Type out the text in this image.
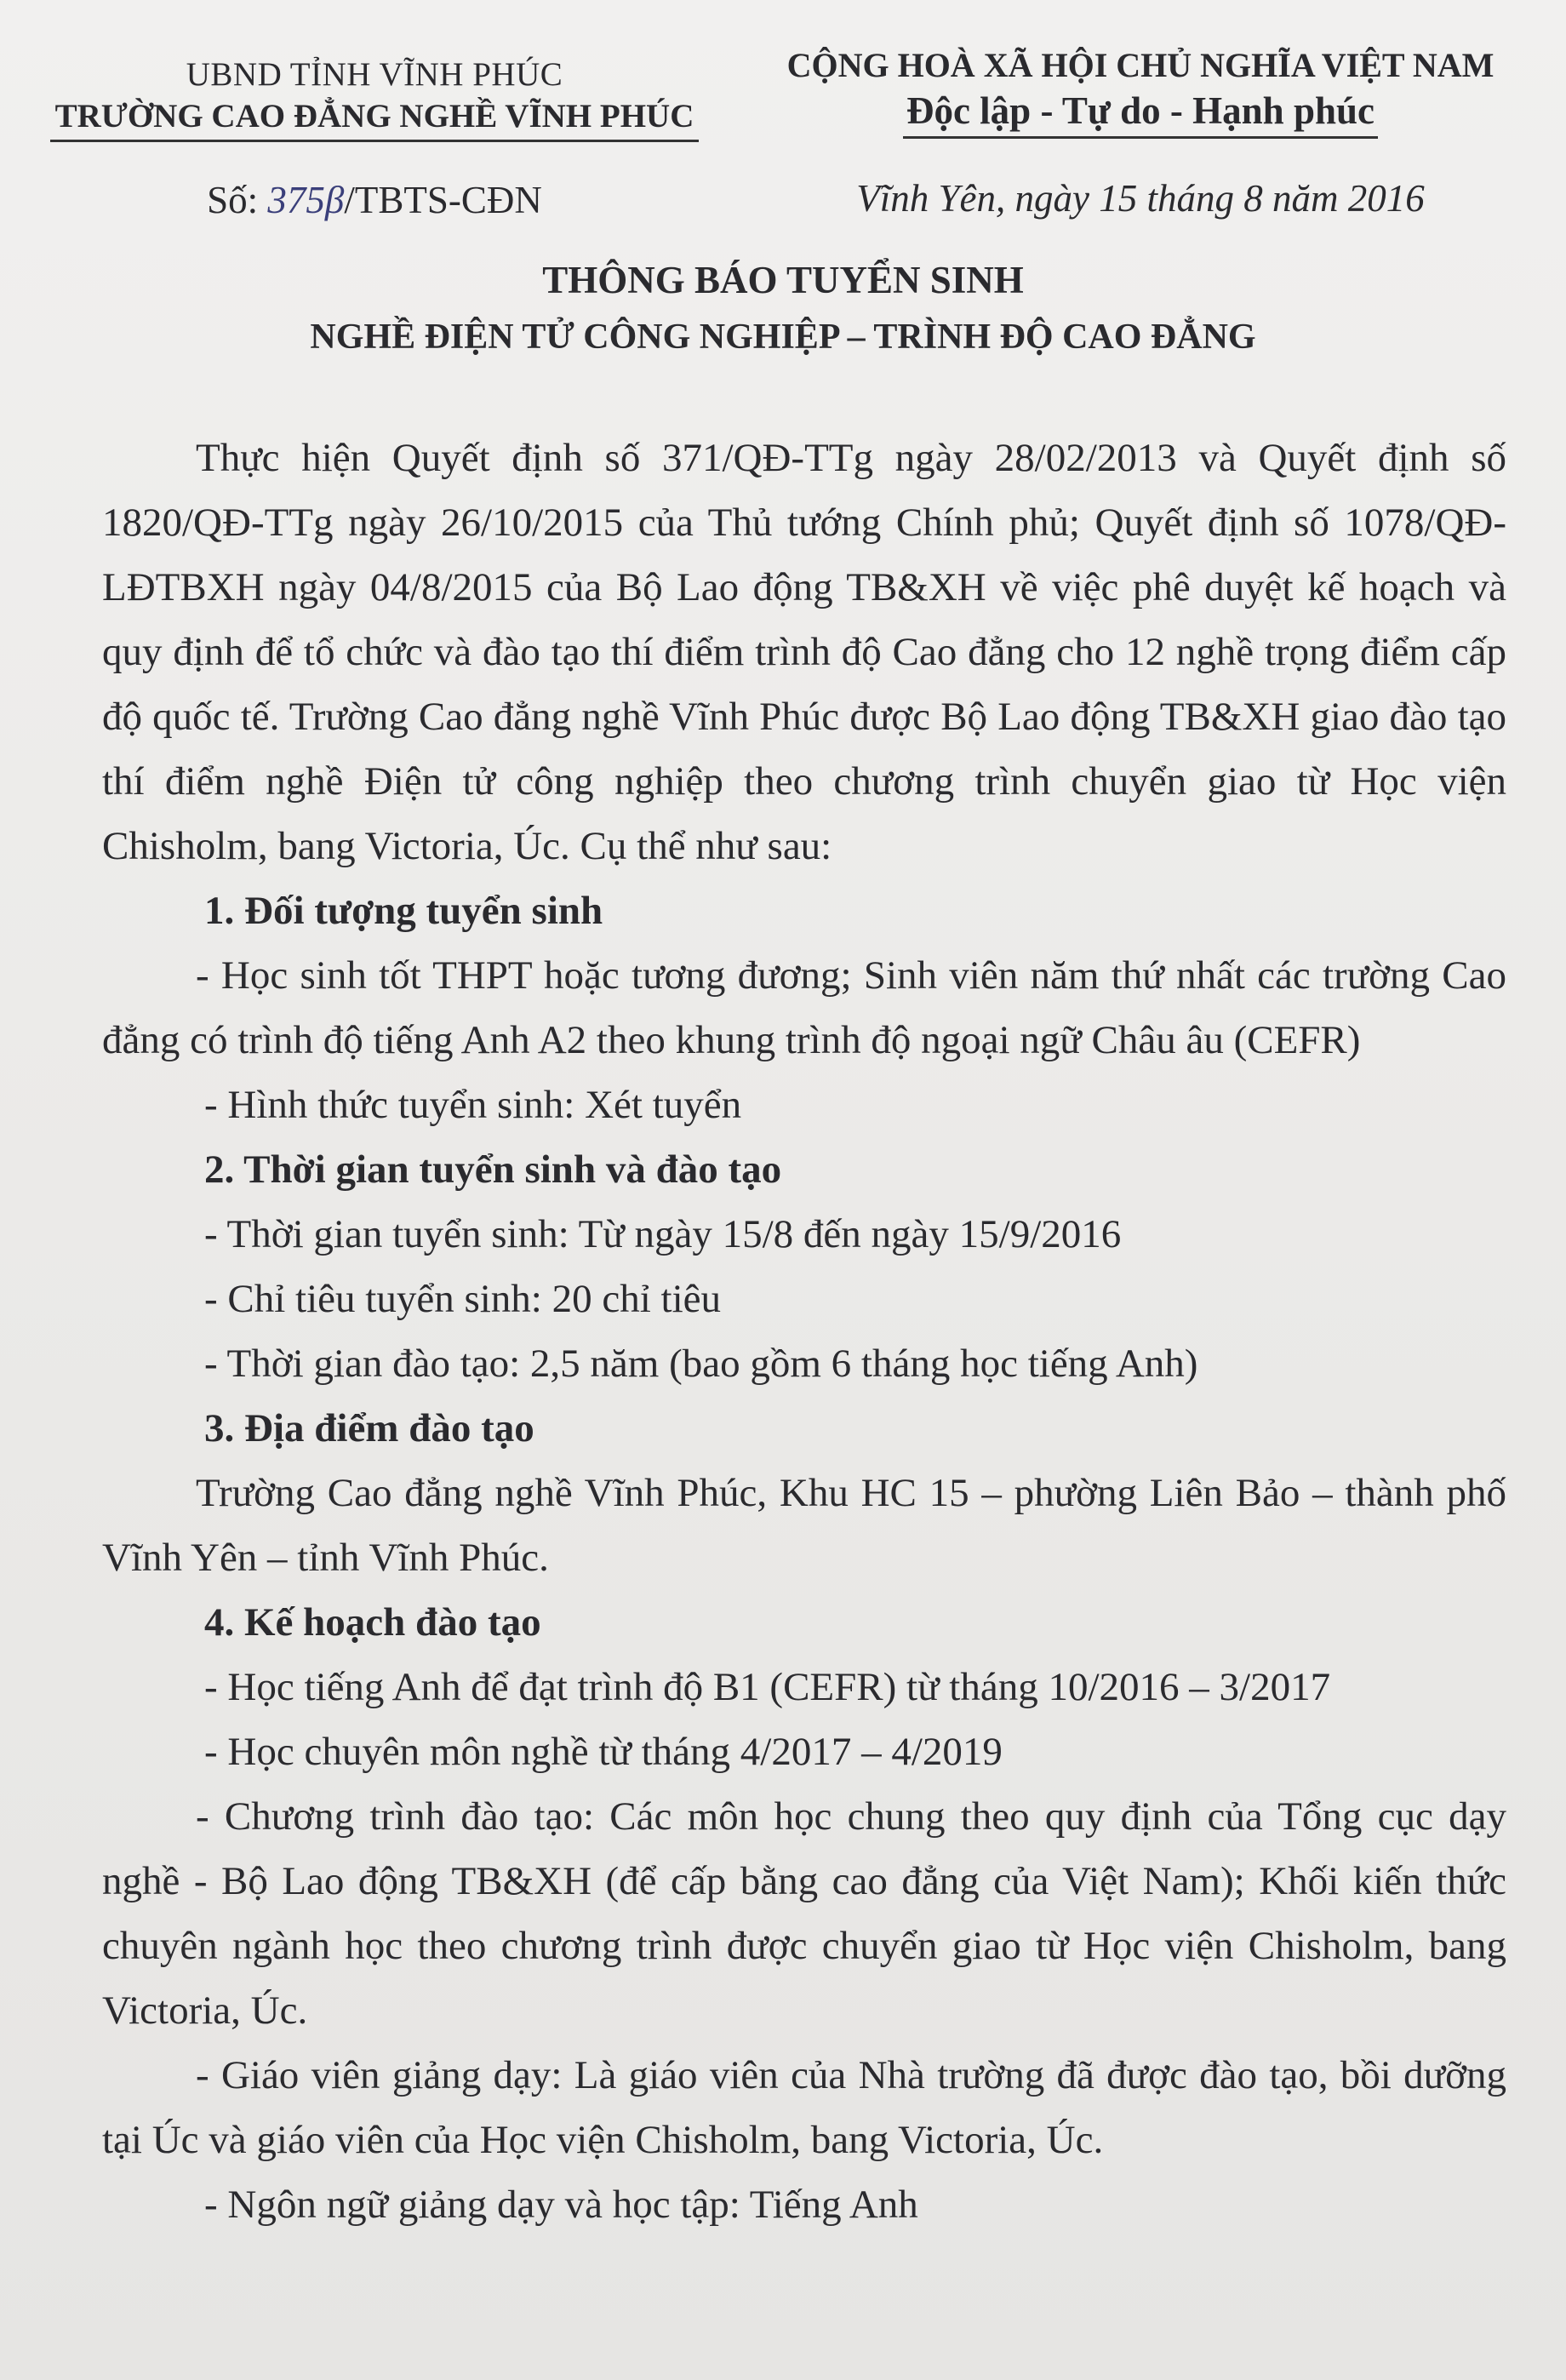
UBND TỈNH VĨNH PHÚC
TRƯỜNG CAO ĐẲNG NGHỀ VĨNH PHÚC
Số: 375β/TBTS-CĐN
CỘNG HOÀ XÃ HỘI CHỦ NGHĨA VIỆT NAM
Độc lập - Tự do - Hạnh phúc
Vĩnh Yên, ngày 15 tháng 8 năm 2016
THÔNG BÁO TUYỂN SINH
NGHỀ ĐIỆN TỬ CÔNG NGHIỆP – TRÌNH ĐỘ CAO ĐẲNG

Thực hiện Quyết định số 371/QĐ-TTg ngày 28/02/2013 và Quyết định số 1820/QĐ-TTg ngày 26/10/2015 của Thủ tướng Chính phủ; Quyết định số 1078/QĐ-LĐTBXH ngày 04/8/2015 của Bộ Lao động TB&XH về việc phê duyệt kế hoạch và quy định để tổ chức và đào tạo thí điểm trình độ Cao đẳng cho 12 nghề trọng điểm cấp độ quốc tế. Trường Cao đẳng nghề Vĩnh Phúc được Bộ Lao động TB&XH giao đào tạo thí điểm nghề Điện tử công nghiệp theo chương trình chuyển giao từ Học viện Chisholm, bang Victoria, Úc. Cụ thể như sau:

1. Đối tượng tuyển sinh

- Học sinh tốt THPT hoặc tương đương; Sinh viên năm thứ nhất các trường Cao đẳng có trình độ tiếng Anh A2 theo khung trình độ ngoại ngữ Châu âu (CEFR)

- Hình thức tuyển sinh: Xét tuyển

2. Thời gian tuyển sinh và đào tạo

- Thời gian tuyển sinh: Từ ngày 15/8 đến ngày 15/9/2016

- Chỉ tiêu tuyển sinh: 20 chỉ tiêu

- Thời gian đào tạo: 2,5 năm (bao gồm 6 tháng học tiếng Anh)

3. Địa điểm đào tạo

Trường Cao đẳng nghề Vĩnh Phúc, Khu HC 15 – phường Liên Bảo – thành phố Vĩnh Yên – tỉnh Vĩnh Phúc.

4. Kế hoạch đào tạo

- Học tiếng Anh để đạt trình độ B1 (CEFR) từ tháng 10/2016 – 3/2017

- Học chuyên môn nghề từ tháng 4/2017 – 4/2019

- Chương trình đào tạo: Các môn học chung theo quy định của Tổng cục dạy nghề - Bộ Lao động TB&XH (để cấp bằng cao đẳng của Việt Nam); Khối kiến thức chuyên ngành học theo chương trình được chuyển giao từ Học viện Chisholm, bang Victoria, Úc.

- Giáo viên giảng dạy: Là giáo viên của Nhà trường đã được đào tạo, bồi dưỡng tại Úc và giáo viên của Học viện Chisholm, bang Victoria, Úc.

- Ngôn ngữ giảng dạy và học tập: Tiếng Anh
